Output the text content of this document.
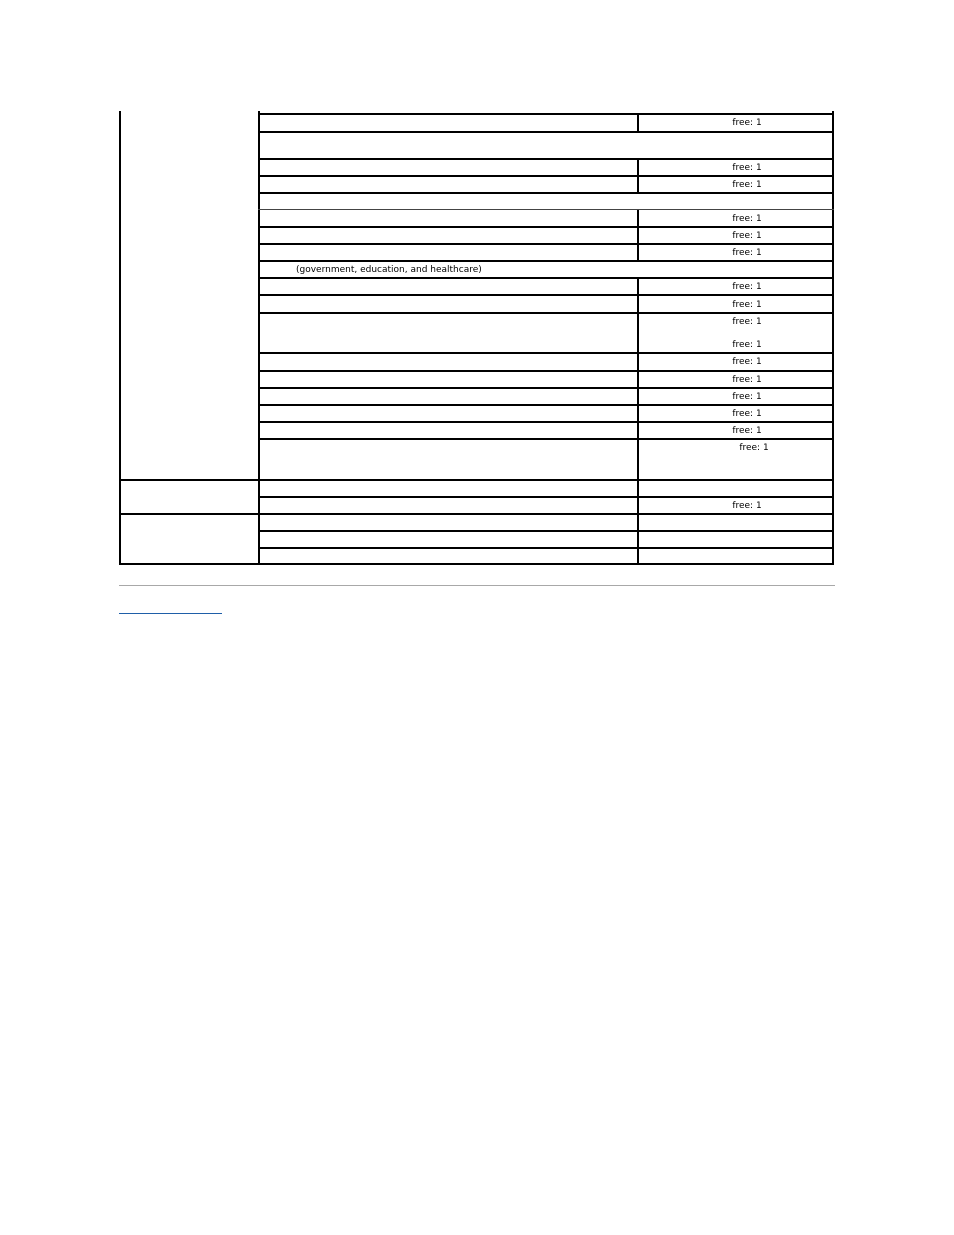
free: 1
free: 1
free: 1
free: 1
free: 1
free: 1
(government, education, and healthcare)
free: 1
free: 1
free: 1
free: 1
free: 1
free: 1
free: 1
free: 1
free: 1
free: 1
free: 1
